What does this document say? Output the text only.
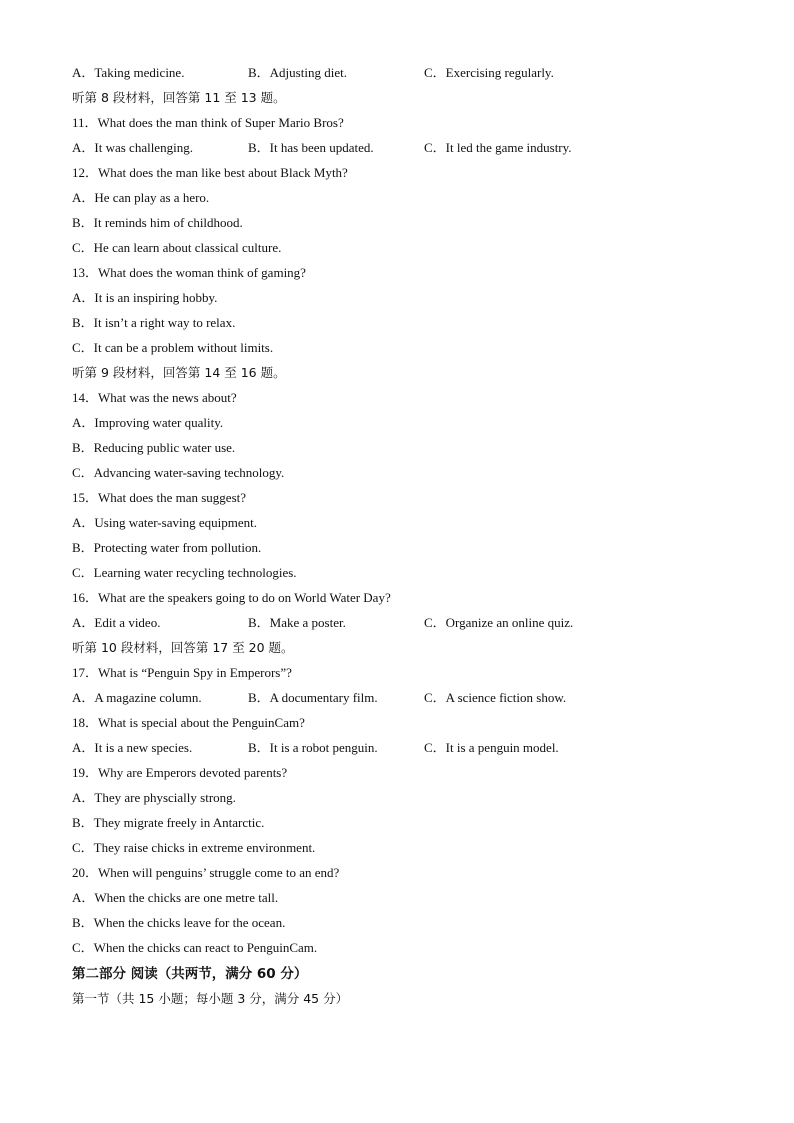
A．Taking medicine.	B．Adjusting diet.	C．Exercising regularly.
听第 8 段材料，回答第 11 至 13 题。
11．What does the man think of Super Mario Bros?
A．It was challenging.	B．It has been updated.	C．It led the game industry.
12．What does the man like best about Black Myth?
A．He can play as a hero.
B．It reminds him of childhood.
C．He can learn about classical culture.
13．What does the woman think of gaming?
A．It is an inspiring hobby.
B．It isn’t a right way to relax.
C．It can be a problem without limits.
听第 9 段材料，回答第 14 至 16 题。
14．What was the news about?
A．Improving water quality.
B．Reducing public water use.
C．Advancing water-saving technology.
15．What does the man suggest?
A．Using water-saving equipment.
B．Protecting water from pollution.
C．Learning water recycling technologies.
16．What are the speakers going to do on World Water Day?
A．Edit a video.	B．Make a poster.	C．Organize an online quiz.
听第 10 段材料，回答第 17 至 20 题。
17．What is “Penguin Spy in Emperors”?
A．A magazine column.	B．A documentary film.	C．A science fiction show.
18．What is special about the PenguinCam?
A．It is a new species.	B．It is a robot penguin.	C．It is a penguin model.
19．Why are Emperors devoted parents?
A．They are physcially strong.
B．They migrate freely in Antarctic.
C．They raise chicks in extreme environment.
20．When will penguins’ struggle come to an end?
A．When the chicks are one metre tall.
B．When the chicks leave for the ocean.
C．When the chicks can react to PenguinCam.
第二部分 阅读（共两节，满分 60 分）
第一节（共 15 小题；每小题 3 分，满分 45 分）
